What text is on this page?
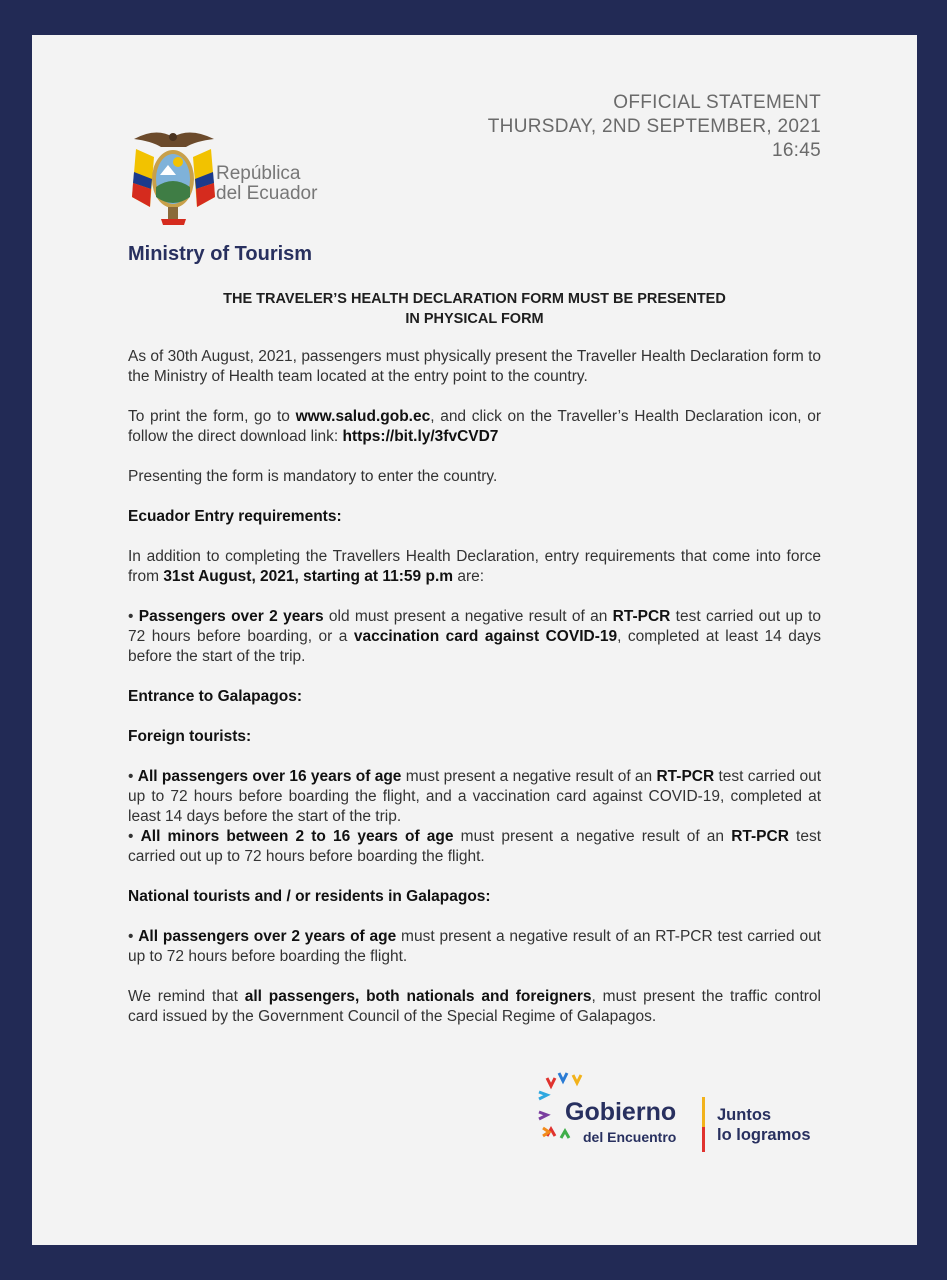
OFFICIAL STATEMENT
THURSDAY, 2ND SEPTEMBER, 2021
16:45
República
del Ecuador
Ministry of Tourism
THE TRAVELER’S HEALTH DECLARATION FORM MUST BE PRESENTED
IN PHYSICAL FORM

As of 30th August, 2021, passengers must physically present the Traveller Health Declaration form to the Ministry of Health team located at the entry point to the country.

To print the form, go to www.salud.gob.ec, and click on the Traveller’s Health Declaration icon, or follow the direct download link: https://bit.ly/3fvCVD7

Presenting the form is mandatory to enter the country.

Ecuador Entry requirements:

In addition to completing the Travellers Health Declaration, entry requirements that come into force from 31st August, 2021, starting at 11:59 p.m are:

• Passengers over 2 years old must present a negative result of an RT-PCR test carried out up to 72 hours before boarding, or a vaccination card against COVID-19, completed at least 14 days before the start of the trip.

Entrance to Galapagos:

Foreign tourists:

• All passengers over 16 years of age must present a negative result of an RT-PCR test carried out up to 72 hours before boarding the flight, and a vaccination card against COVID-19, completed at least 14 days before the start of the trip.
• All minors between 2 to 16 years of age must present a negative result of an RT-PCR test carried out up to 72 hours before boarding the flight.

National tourists and / or residents in Galapagos:

• All passengers over 2 years of age must present a negative result of an RT-PCR test carried out up to 72 hours before boarding the flight.

We remind that all passengers, both nationals and foreigners, must present the traffic control card issued by the Government Council of the Special Regime of Galapagos.

Gobierno
del Encuentro
Juntos
lo logramos
